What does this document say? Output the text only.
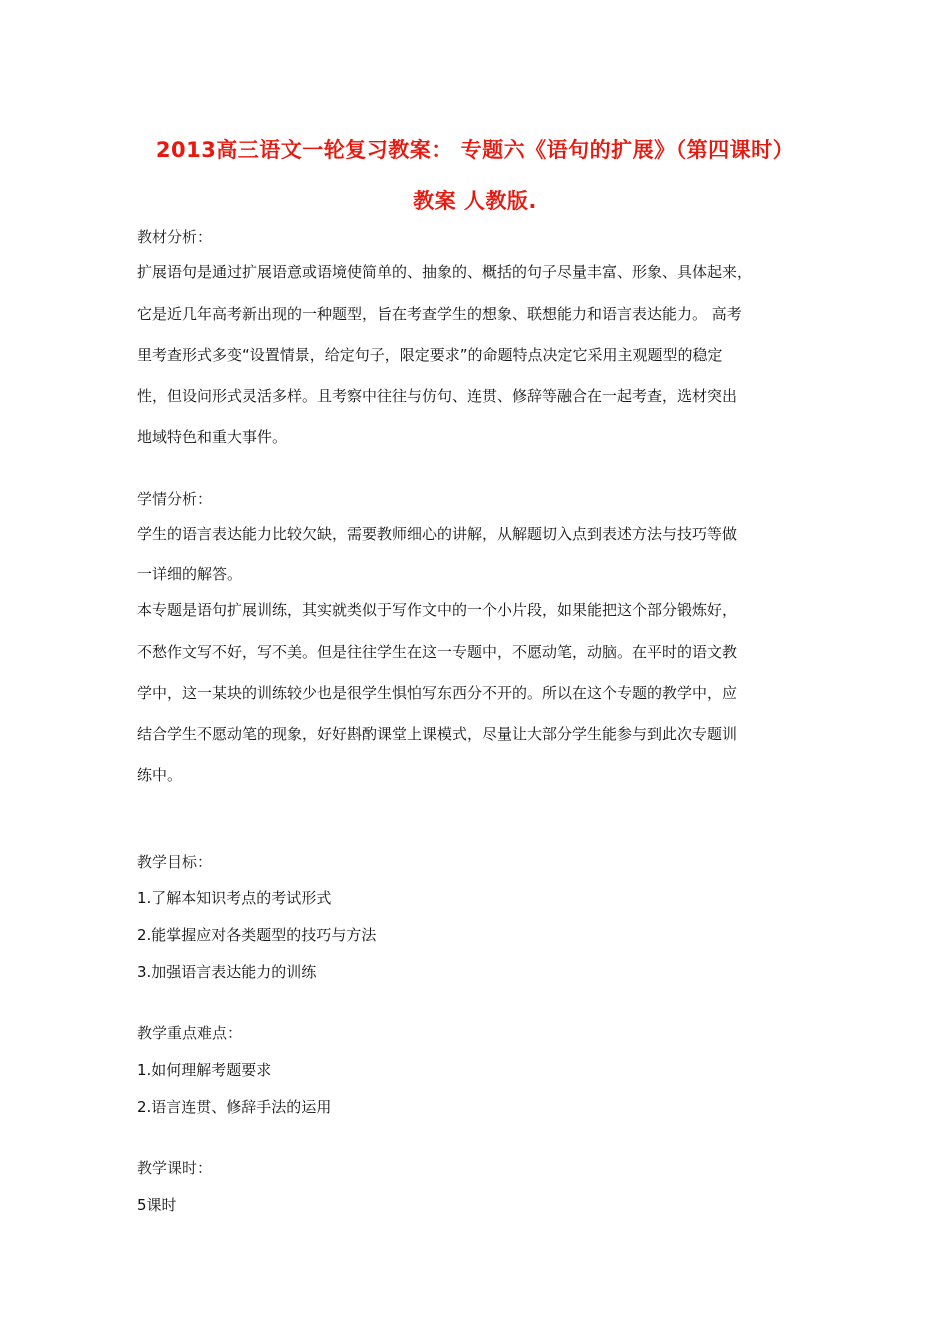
2013高三语文一轮复习教案： 专题六《语句的扩展》（第四课时）
教案 人教版.
教材分析：
扩展语句是通过扩展语意或语境使简单的、抽象的、概括的句子尽量丰富、形象、具体起来，
它是近几年高考新出现的一种题型，旨在考查学生的想象、联想能力和语言表达能力。 高考
里考查形式多变“设置情景，给定句子，限定要求”的命题特点决定它采用主观题型的稳定
性，但设问形式灵活多样。且考察中往往与仿句、连贯、修辞等融合在一起考查，选材突出
地域特色和重大事件。
学情分析：
学生的语言表达能力比较欠缺，需要教师细心的讲解，从解题切入点到表述方法与技巧等做
一详细的解答。
本专题是语句扩展训练，其实就类似于写作文中的一个小片段，如果能把这个部分锻炼好，
不愁作文写不好，写不美。但是往往学生在这一专题中，不愿动笔，动脑。在平时的语文教
学中，这一某块的训练较少也是很学生惧怕写东西分不开的。所以在这个专题的教学中，应
结合学生不愿动笔的现象，好好斟酌课堂上课模式，尽量让大部分学生能参与到此次专题训
练中。
教学目标：
1.了解本知识考点的考试形式
2.能掌握应对各类题型的技巧与方法
3.加强语言表达能力的训练
教学重点难点：
1.如何理解考题要求
2.语言连贯、修辞手法的运用
教学课时：
5课时
